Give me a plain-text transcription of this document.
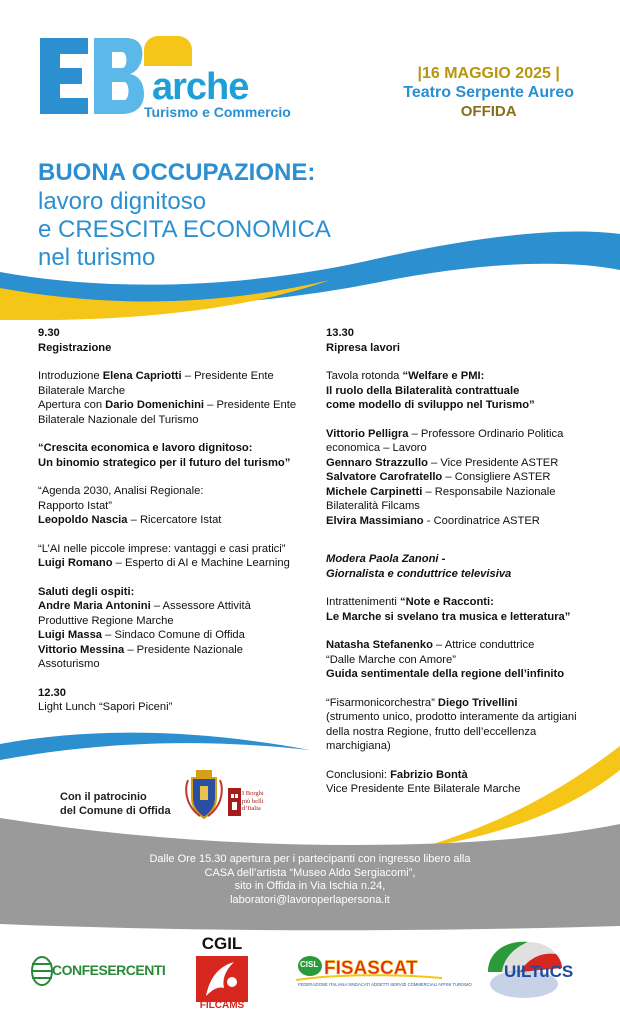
arche
Turismo e Commercio
|16 MAGGIO 2025 |
Teatro Serpente Aureo
OFFIDA
BUONA OCCUPAZIONE:
lavoro dignitoso
e CRESCITA ECONOMICA
nel turismo

9.30

Registrazione

Introduzione Elena Capriotti – Presidente Ente Bilaterale Marche

Apertura con Dario Domenichini – Presidente Ente Bilaterale Nazionale del Turismo

“Crescita economica e lavoro dignitoso:

Un binomio strategico per il futuro del turismo”

“Agenda 2030, Analisi Regionale:

Rapporto Istat”

Leopoldo Nascia – Ricercatore Istat

“L’AI nelle piccole imprese: vantaggi e casi pratici”

Luigi Romano – Esperto di AI e Machine Learning

Saluti degli ospiti:

Andre Maria Antonini – Assessore Attività Produttive Regione Marche

Luigi Massa – Sindaco Comune di Offida

Vittorio Messina – Presidente Nazionale Assoturismo

12.30

Light Lunch “Sapori Piceni”

13.30

Ripresa lavori

Tavola rotonda “Welfare e PMI:

Il ruolo della Bilateralità contrattuale

come modello di sviluppo nel Turismo”

Vittorio Pelligra – Professore Ordinario Politica economica – Lavoro

Gennaro Strazzullo – Vice Presidente ASTER

Salvatore Carofratello – Consigliere ASTER

Michele Carpinetti – Responsabile Nazionale Bilateralità Filcams

Elvira Massimiano - Coordinatrice ASTER

Modera Paola Zanoni -

Giornalista e conduttrice televisiva

Intrattenimenti “Note e Racconti:

Le Marche si svelano tra musica e letteratura”

Natasha Stefanenko – Attrice conduttrice

“Dalle Marche con Amore”

Guida sentimentale della regione dell’infinito

“Fisarmonicorchestra” Diego Trivellini

(strumento unico, prodotto interamente da artigiani della nostra Regione, frutto dell’eccellenza marchigiana)

Conclusioni: Fabrizio Bontà

Vice Presidente Ente Bilaterale Marche

Con il patrocinio
del Comune di Offida
I Borghi
più belli
d’Italia
Dalle Ore 15.30 apertura per i partecipanti con ingresso libero alla
CASA dell’artista “Museo Aldo Sergiacomi”,
sito in Offida in Via Ischia n.24,
laboratori@lavoroperlapersona.it
CONFESERCENTI
CGIL
FILCAMS
CISL FISASCAT
FEDERAZIONE ITALIANA SINDACATI ADDETTI SERVIZI COMMERCIALI AFFINI TURISMO
UILTuCS
